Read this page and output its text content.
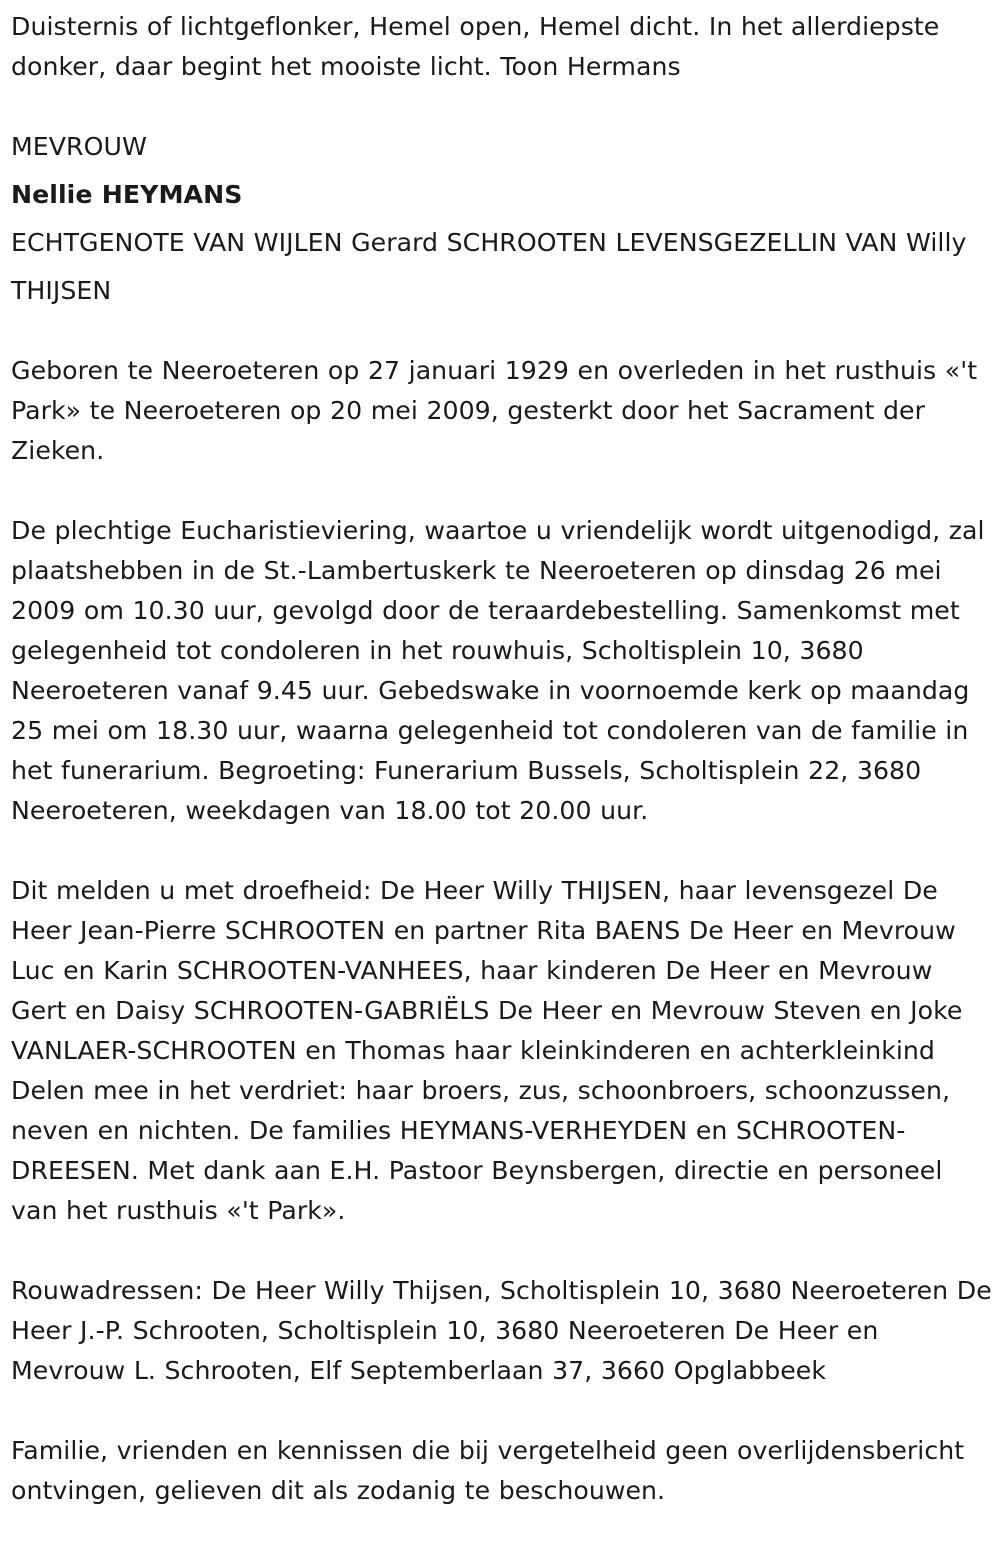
Duisternis of lichtgeflonker, Hemel open, Hemel dicht. In het allerdiepste donker, daar begint het mooiste licht. Toon Hermans

MEVROUW

Nellie HEYMANS

ECHTGENOTE VAN WIJLEN Gerard SCHROOTEN LEVENSGEZELLIN VAN Willy THIJSEN

Geboren te Neeroeteren op 27 januari 1929 en overleden in het rusthuis «'t Park» te Neeroeteren op 20 mei 2009, gesterkt door het Sacrament der Zieken.

De plechtige Eucharistieviering, waartoe u vriendelijk wordt uitgenodigd, zal plaatshebben in de St.-Lambertuskerk te Neeroeteren op dinsdag 26 mei 2009 om 10.30 uur, gevolgd door de teraardebestelling. Samenkomst met gelegenheid tot condoleren in het rouwhuis, Scholtisplein 10, 3680 Neeroeteren vanaf 9.45 uur. Gebedswake in voornoemde kerk op maandag 25 mei om 18.30 uur, waarna gelegenheid tot condoleren van de familie in het funerarium. Begroeting: Funerarium Bussels, Scholtisplein 22, 3680 Neeroeteren, weekdagen van 18.00 tot 20.00 uur.

Dit melden u met droefheid: De Heer Willy THIJSEN, haar levensgezel De Heer Jean-Pierre SCHROOTEN en partner Rita BAENS De Heer en Mevrouw Luc en Karin SCHROOTEN-VANHEES, haar kinderen De Heer en Mevrouw Gert en Daisy SCHROOTEN-GABRIËLS De Heer en Mevrouw Steven en Joke VANLAER-SCHROOTEN en Thomas haar kleinkinderen en achterkleinkind Delen mee in het verdriet: haar broers, zus, schoonbroers, schoonzussen, neven en nichten. De families HEYMANS-VERHEYDEN en SCHROOTEN-DREESEN. Met dank aan E.H. Pastoor Beynsbergen, directie en personeel van het rusthuis «'t Park».

Rouwadressen: De Heer Willy Thijsen, Scholtisplein 10, 3680 Neeroeteren De Heer J.-P. Schrooten, Scholtisplein 10, 3680 Neeroeteren De Heer en Mevrouw L. Schrooten, Elf Septemberlaan 37, 3660 Opglabbeek

Familie, vrienden en kennissen die bij vergetelheid geen overlijdensbericht ontvingen, gelieven dit als zodanig te beschouwen.
